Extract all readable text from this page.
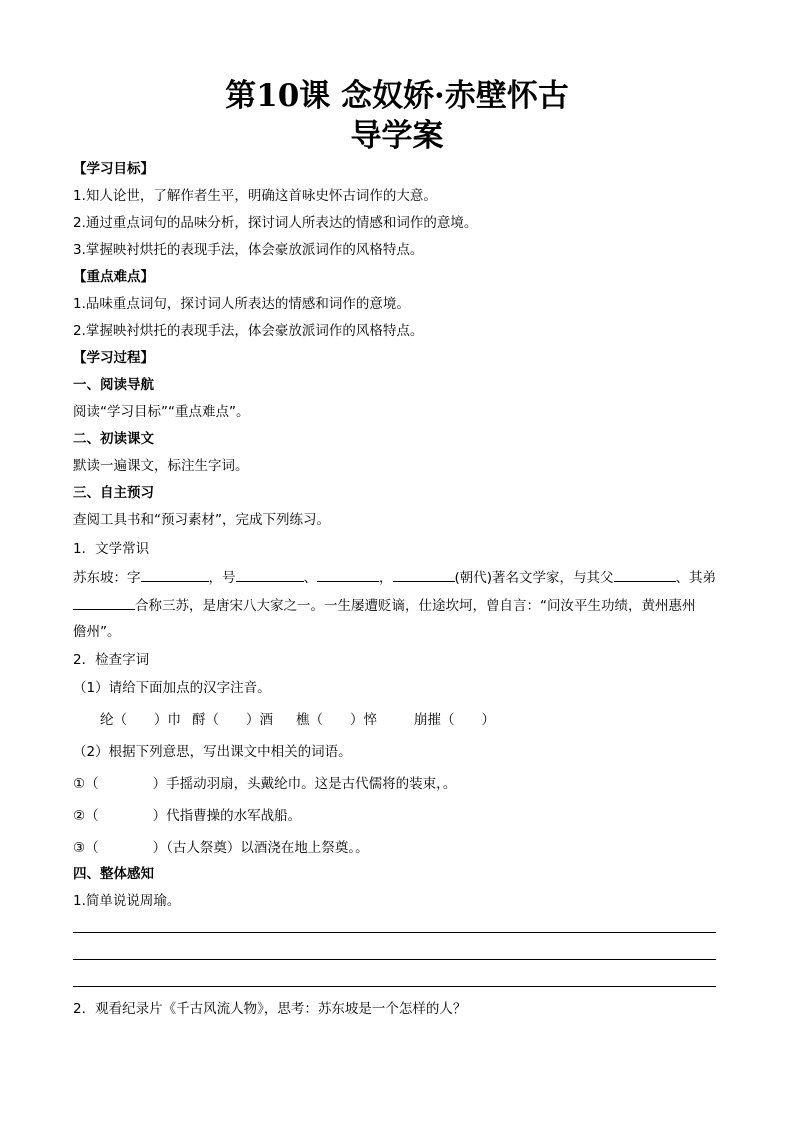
第10课 念奴娇·赤壁怀古
导学案
【学习目标】
1.知人论世，了解作者生平，明确这首咏史怀古词作的大意。
2.通过重点词句的品味分析，探讨词人所表达的情感和词作的意境。
3.掌握映衬烘托的表现手法，体会豪放派词作的风格特点。
【重点难点】
1.品味重点词句，探讨词人所表达的情感和词作的意境。
2.掌握映衬烘托的表现手法，体会豪放派词作的风格特点。
【学习过程】
一、阅读导航
阅读“学习目标”“重点难点”。
二、初读课文
默读一遍课文，标注生字词。
三、自主预习
查阅工具书和“预习素材”，完成下列练习。
1．文学常识
苏东坡：字	，号	、	，	(朝代)著名文学家，与其父	、其弟
合称三苏，是唐宋八大家之一。一生屡遭贬谪，仕途坎坷，曾自言：“问汝平生功绩，黄州惠州
儋州”。
2．检查字词
（1）请给下面加点的汉字注音。
纶（　　）巾 酹（　　）酒 樵（　　）悴	崩摧（　　）
（2）根据下列意思，写出课文中相关的词语。
①（　　　　）手摇动羽扇，头戴纶巾。这是古代儒将的装束，。
②（　　　　）代指曹操的水军战船。
③（　　　　）（古人祭奠）以酒浇在地上祭奠。。
四、整体感知
1.简单说说周瑜。
2．观看纪录片《千古风流人物》，思考：苏东坡是一个怎样的人？
